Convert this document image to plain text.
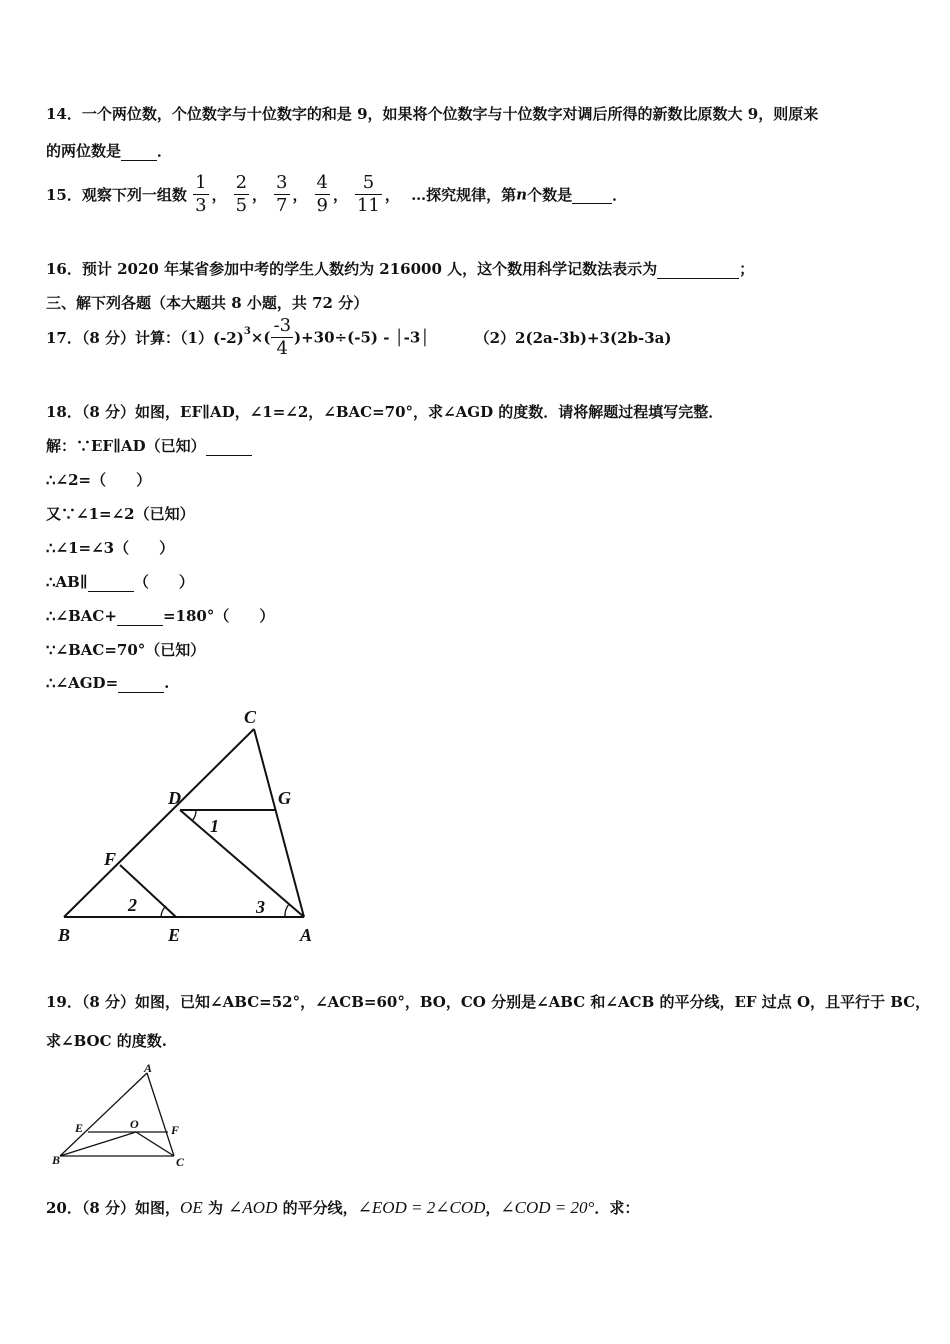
14．一个两位数，个位数字与十位数字的和是 9，如果将个位数字与十位数字对调后所得的新数比原数大 9，则原来
的两位数是 ．
15．观察下列一组数 $\frac{1}{3}$ ， $\frac{2}{5}$ ， $\frac{3}{7}$ ， $\frac{4}{9}$ ， $\frac{5}{11}$ ， …探究规律，第n个数是	．
16．预计 2020 年某省参加中考的学生人数约为 216000 人，这个数用科学记数法表示为	；
三、解下列各题（本大题共 8 小题，共 72 分）
17．（8 分）计算：$(1)(-2)^3\times( \frac{-3}{4} )+30\div(-5)$ - │-3│	（2）2(2a-3b)+3(2b-3a)
18．（8 分）如图，EF∥AD，∠1=∠2，∠BAC=70°，求∠AGD 的度数．请将解题过程填写完整．
解：∵EF∥AD（已知）
∴∠2=（　　）
又∵∠1=∠2（已知）
∴∠1=∠3（　　）
∴AB∥	（　　）
∴∠BAC+	=180°（　　）
∵∠BAC=70°（已知）
∴∠AGD=	.
C
D	G
1
F
2	3
B	E	A
19．（8 分）如图，已知∠ABC=52°，∠ACB=60°，BO，CO 分别是∠ABC 和∠ACB 的平分线，EF 过点 O，且平行于 BC，
求∠BOC 的度数.
A
E	O	F
B	C
20．（8 分）如图，OE 为 ∠AOD 的平分线，∠EOD = 2∠COD，∠COD = 20°．求：
